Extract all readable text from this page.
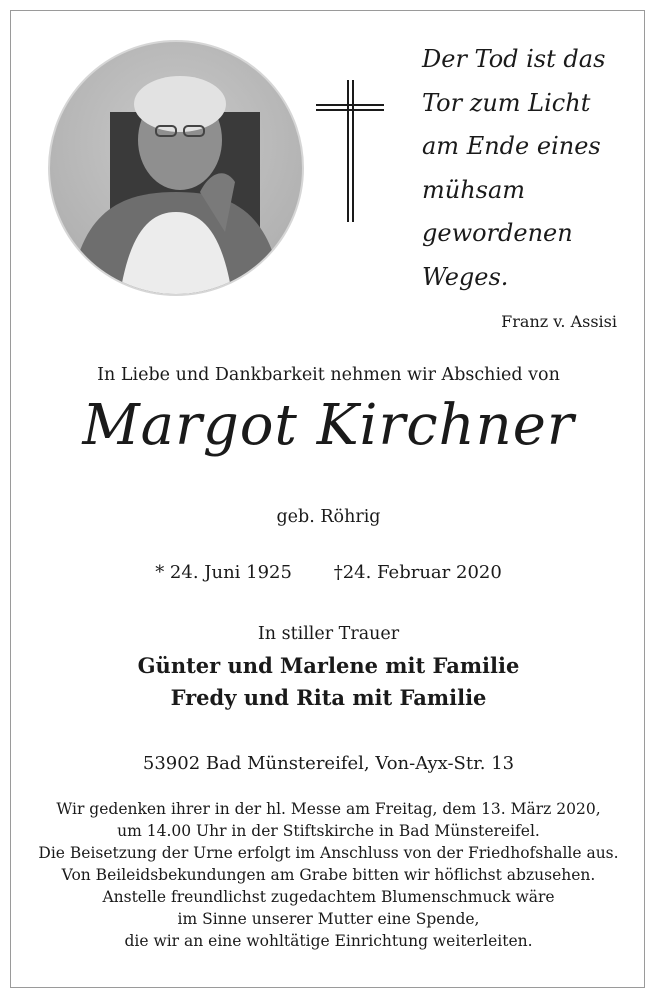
Der Tod ist das
Tor zum Licht
am Ende eines
mühsam
gewordenen
Weges.
Franz v. Assisi
In Liebe und Dankbarkeit nehmen wir Abschied von
Margot Kirchner
geb. Röhrig
* 24. Juni 1925 †24. Februar 2020
In stiller Trauer
Günter und Marlene mit Familie
Fredy und Rita mit Familie
53902 Bad Münstereifel, Von-Ayx-Str. 13
Wir gedenken ihrer in der hl. Messe am Freitag, dem 13. März 2020,
um 14.00 Uhr in der Stiftskirche in Bad Münstereifel.
Die Beisetzung der Urne erfolgt im Anschluss von der Friedhofshalle aus.
Von Beileidsbekundungen am Grabe bitten wir höflichst abzusehen.
Anstelle freundlichst zugedachtem Blumenschmuck wäre
im Sinne unserer Mutter eine Spende,
die wir an eine wohltätige Einrichtung weiterleiten.
